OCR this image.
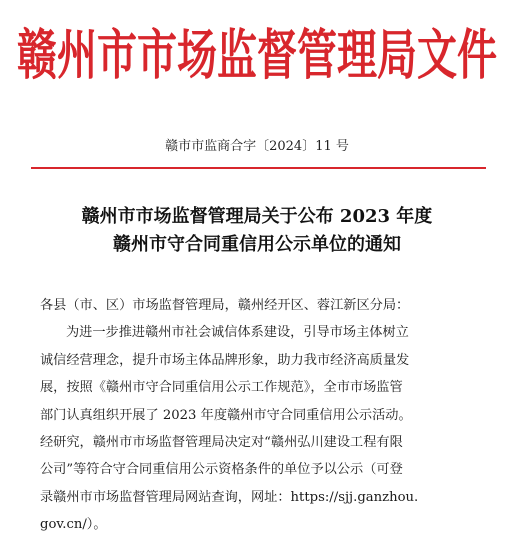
赣州市市场监督管理局文件
赣市市监商合字〔2024〕11 号
赣州市市场监督管理局关于公布 2023 年度
赣州市守合同重信用公示单位的通知
各县（市、区）市场监督管理局，赣州经开区、蓉江新区分局：
为进一步推进赣州市社会诚信体系建设，引导市场主体树立
诚信经营理念，提升市场主体品牌形象，助力我市经济高质量发
展，按照《赣州市守合同重信用公示工作规范》，全市市场监管
部门认真组织开展了 2023 年度赣州市守合同重信用公示活动。
经研究，赣州市市场监督管理局决定对“赣州弘川建设工程有限
公司”等符合守合同重信用公示资格条件的单位予以公示（可登
录赣州市市场监督管理局网站查询，网址：https://sjj.ganzhou.
gov.cn/）。
